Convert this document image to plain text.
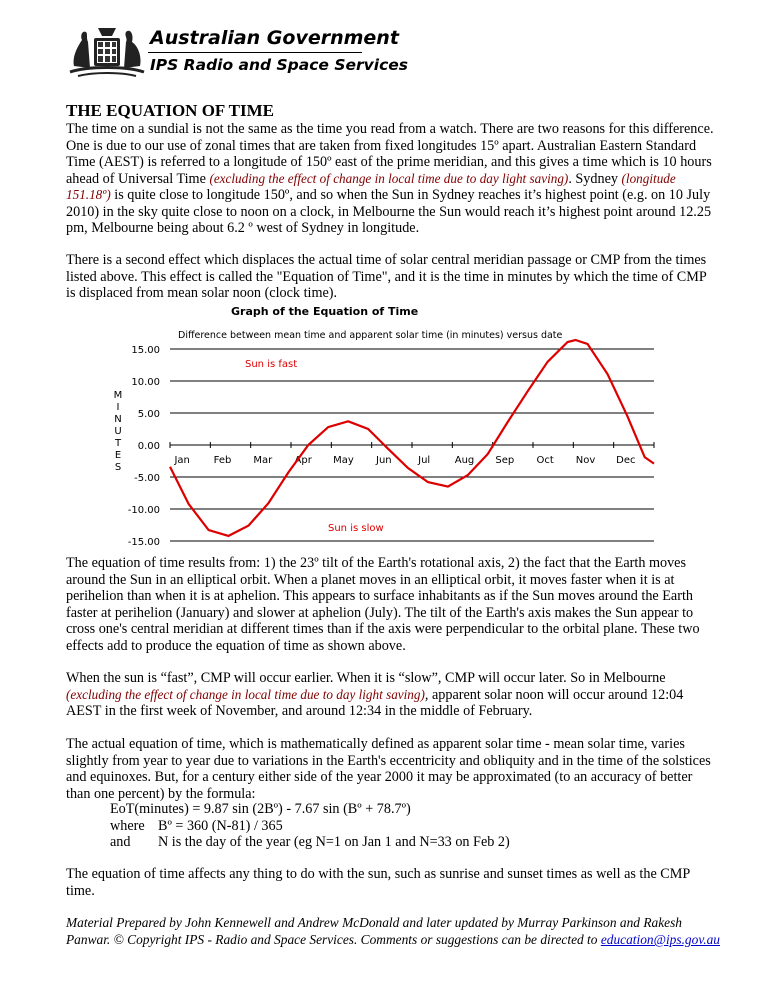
Australian Government
IPS Radio and Space Services
THE EQUATION OF TIME
The time on a sundial is not the same as the time you read from a watch. There are two reasons for this difference. One is due to our use of zonal times that are taken from fixed longitudes 15º apart. Australian Eastern Standard Time (AEST) is referred to a longitude of 150º east of the prime meridian, and this gives a time which is 10 hours ahead of Universal Time (excluding the effect of change in local time due to day light saving). Sydney (longitude 151.18º) is quite close to longitude 150º, and so when the Sun in Sydney reaches it’s highest point (e.g. on 10 July 2010) in the sky quite close to noon on a clock, in Melbourne the Sun would reach it’s highest point around 12.25 pm, Melbourne being about 6.2 º west of Sydney in longitude.
There is a second effect which displaces the actual time of solar central meridian passage or CMP from the times listed above. This effect is called the "Equation of Time", and it is the time in minutes by which the time of CMP is displaced from mean solar noon (clock time).
Graph of the Equation of Time
Difference between mean time and apparent solar time (in minutes) versus date
15.00
10.00
5.00
0.00
-5.00
-10.00
-15.00
Jan Feb Mar Apr May Jun	Jul Aug Sep Oct Nov Dec
M
I
N
U
T
E
S
Sun is fast
Sun is slow
The equation of time results from: 1) the 23º tilt of the Earth's rotational axis, 2) the fact that the Earth moves around the Sun in an elliptical orbit. When a planet moves in an elliptical orbit, it moves faster when it is at perihelion than when it is at aphelion. This appears to surface inhabitants as if the Sun moves around the Earth faster at perihelion (January) and slower at aphelion (July). The tilt of the Earth's axis makes the Sun appear to cross one's central meridian at different times than if the axis were perpendicular to the orbital plane. These two effects add to produce the equation of time as shown above.
When the sun is “fast”, CMP will occur earlier. When it is “slow”, CMP will occur later. So in Melbourne (excluding the effect of change in local time due to day light saving), apparent solar noon will occur around 12:04 AEST in the first week of November, and around 12:34 in the middle of February.
The actual equation of time, which is mathematically defined as apparent solar time - mean solar time, varies slightly from year to year due to variations in the Earth's eccentricity and obliquity and in the time of the solstices and equinoxes. But, for a century either side of the year 2000 it may be approximated (to an accuracy of better than one percent) by the formula:
EoT(minutes) = 9.87 sin (2Bº) - 7.67 sin (Bº + 78.7º)
where Bº = 360 (N-81) / 365
and N is the day of the year (eg N=1 on Jan 1 and N=33 on Feb 2)
The equation of time affects any thing to do with the sun, such as sunrise and sunset times as well as the CMP time.
Material Prepared by John Kennewell and Andrew McDonald and later updated by Murray Parkinson and Rakesh Panwar. © Copyright IPS - Radio and Space Services. Comments or suggestions can be directed to education@ips.gov.au
